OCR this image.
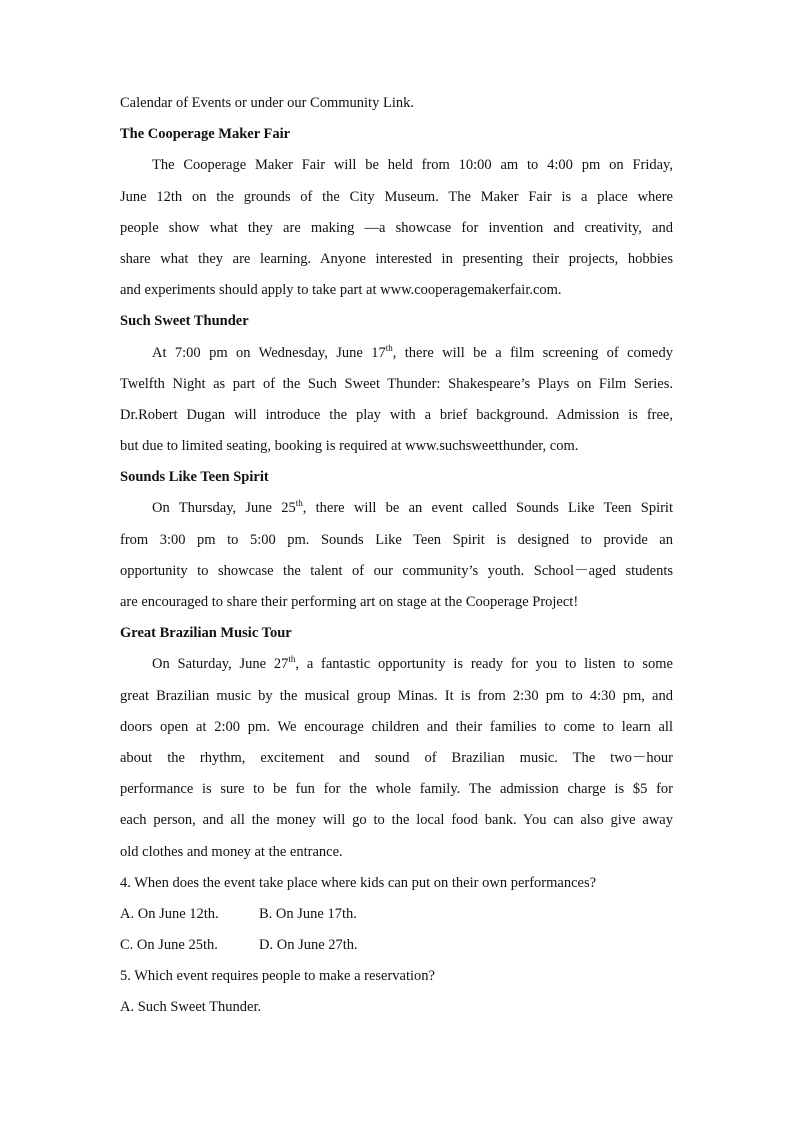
Calendar of Events or under our Community Link.
The Cooperage Maker Fair
The Cooperage Maker Fair will be held from 10:00 am to 4:00 pm on Friday,
June 12th on the grounds of the City Museum. The Maker Fair is a place where
people show what they are making —a showcase for invention and creativity, and
share what they are learning. Anyone interested in presenting their projects, hobbies
and experiments should apply to take part at www.cooperagemakerfair.com.
Such Sweet Thunder
At 7:00 pm on Wednesday, June 17th, there will be a film screening of comedy
Twelfth Night as part of the Such Sweet Thunder: Shakespeare’s Plays on Film Series.
Dr.Robert Dugan will introduce the play with a brief background. Admission is free,
but due to limited seating, booking is required at www.suchsweetthunder, com.
Sounds Like Teen Spirit
On Thursday, June 25th, there will be an event called Sounds Like Teen Spirit
from 3:00 pm to 5:00 pm. Sounds Like Teen Spirit is designed to provide an
opportunity to showcase the talent of our community’s youth. School－aged students
are encouraged to share their performing art on stage at the Cooperage Project!
Great Brazilian Music Tour
On Saturday, June 27th, a fantastic opportunity is ready for you to listen to some
great Brazilian music by the musical group Minas. It is from 2:30 pm to 4:30 pm, and
doors open at 2:00 pm. We encourage children and their families to come to learn all
about the rhythm, excitement and sound of Brazilian music. The two－hour
performance is sure to be fun for the whole family. The admission charge is $5 for
each person, and all the money will go to the local food bank. You can also give away
old clothes and money at the entrance.
4. When does the event take place where kids can put on their own performances?
A. On June 12th.	B. On June 17th.
C. On June 25th.	D. On June 27th.
5. Which event requires people to make a reservation?
A. Such Sweet Thunder.
